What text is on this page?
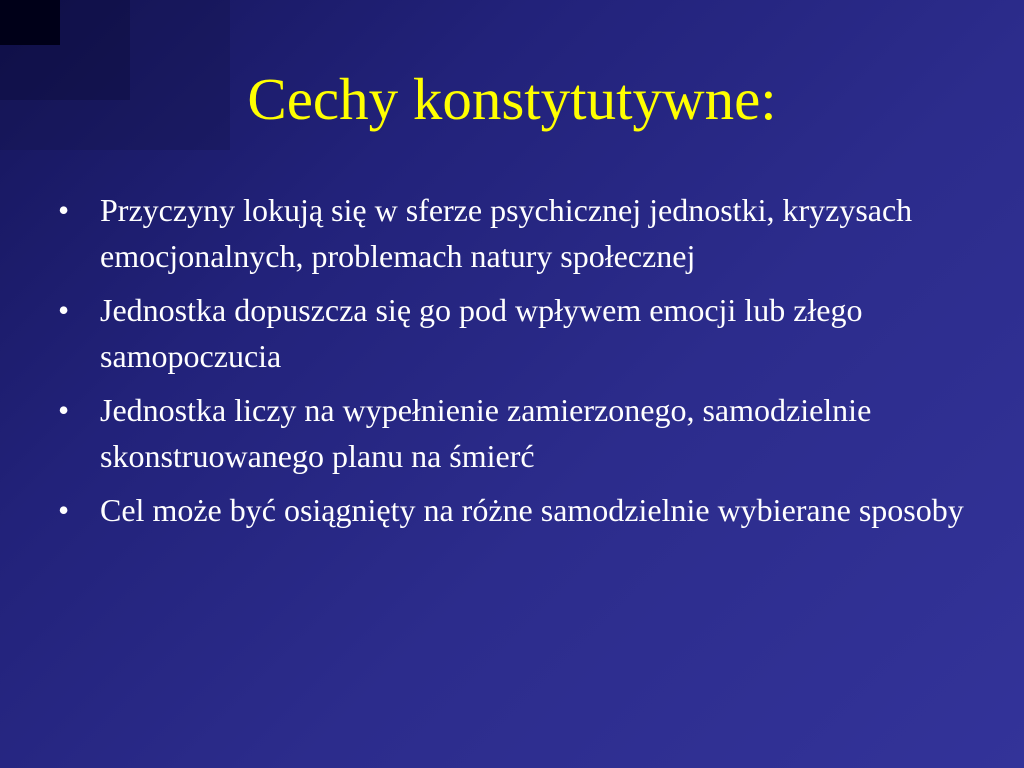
Cechy konstytutywne:
• Przyczyny lokują się w sferze psychicznej jednostki, kryzysach emocjonalnych, problemach natury społecznej
• Jednostka dopuszcza się go pod wpływem emocji lub złego samopoczucia
• Jednostka liczy na wypełnienie zamierzonego, samodzielnie skonstruowanego planu na śmierć
• Cel może być osiągnięty na różne samodzielnie wybierane sposoby
